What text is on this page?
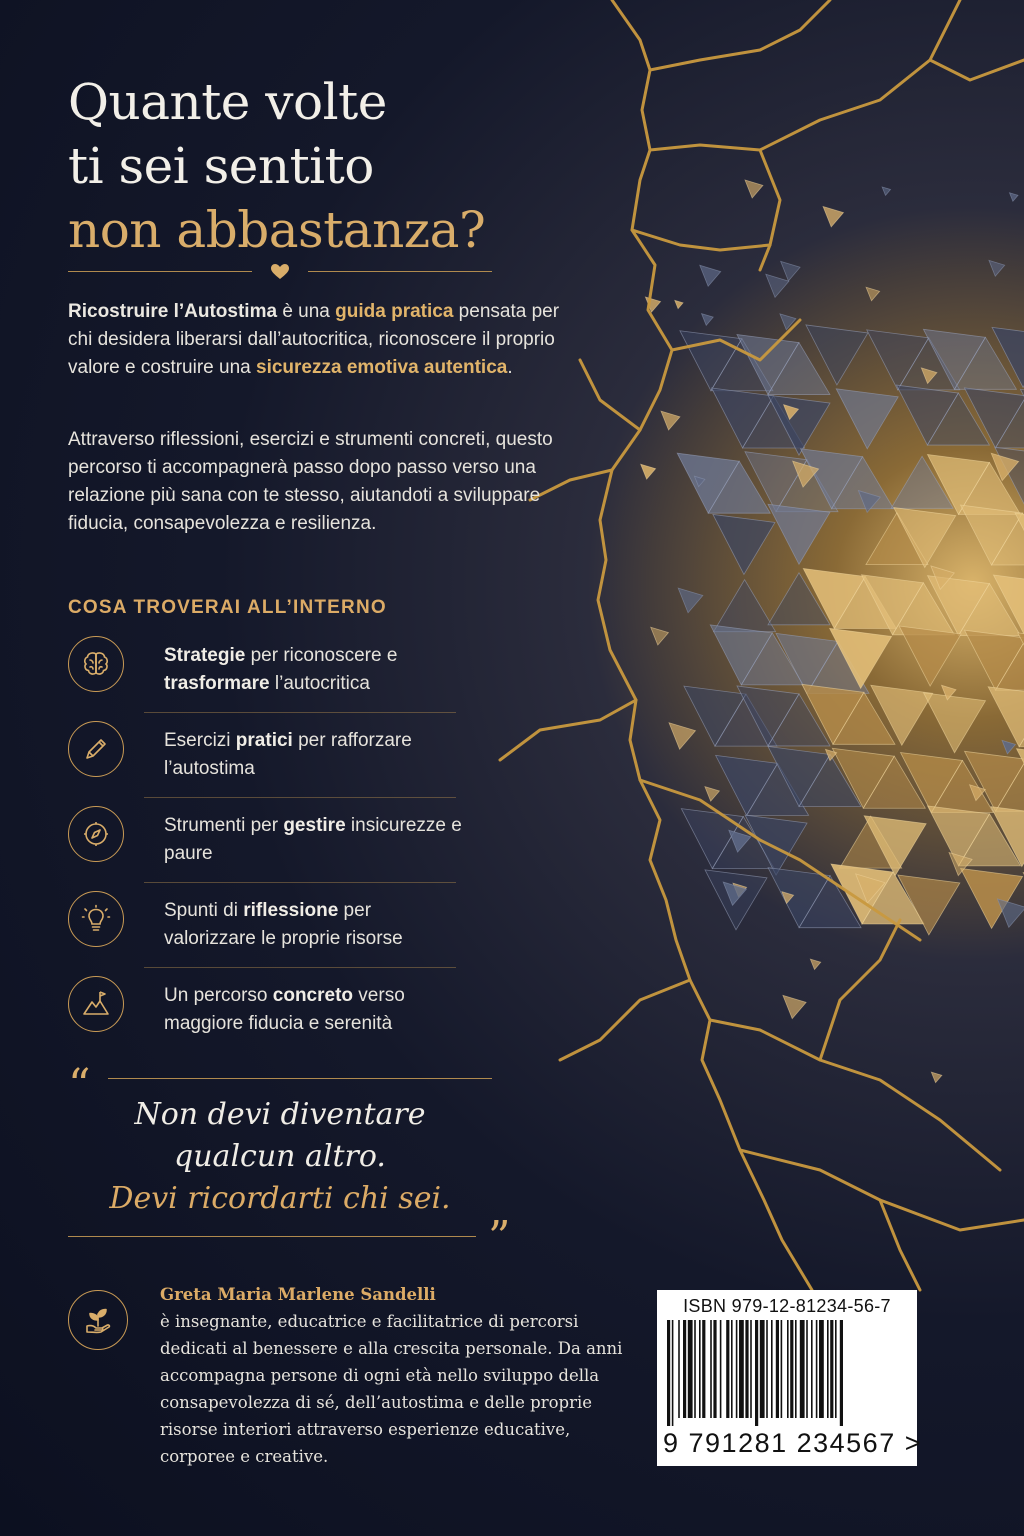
Quante volte
ti sei sentito
non abbastanza?

Ricostruire l’Autostima è una guida pratica pensata per chi desidera liberarsi dall’autocritica, riconoscere il proprio valore e costruire una sicurezza emotiva autentica.

Attraverso riflessioni, esercizi e strumenti concreti, questo percorso ti accompagnerà passo dopo passo verso una relazione più sana con te stesso, aiutandoti a sviluppare fiducia, consapevolezza e resilienza.

COSA TROVERAI ALL’INTERNO
Strategie per riconoscere e trasformare l’autocritica
Esercizi pratici per rafforzare l’autostima
Strumenti per gestire insicurezze e paure
Spunti di riflessione per valorizzare le proprie risorse
Un percorso concreto verso maggiore fiducia e serenità
“
Non devi diventare
qualcun altro.
Devi ricordarti chi sei.
”
Greta Maria Marlene Sandelli
è insegnante, educatrice e facilitatrice di percorsi dedicati al benessere e alla crescita personale. Da anni accompagna persone di ogni età nello sviluppo della consapevolezza di sé, dell’autostima e delle proprie risorse interiori attraverso esperienze educative, corporee e creative.
ISBN 979-12-81234-56-7
9 791281 234567 >
